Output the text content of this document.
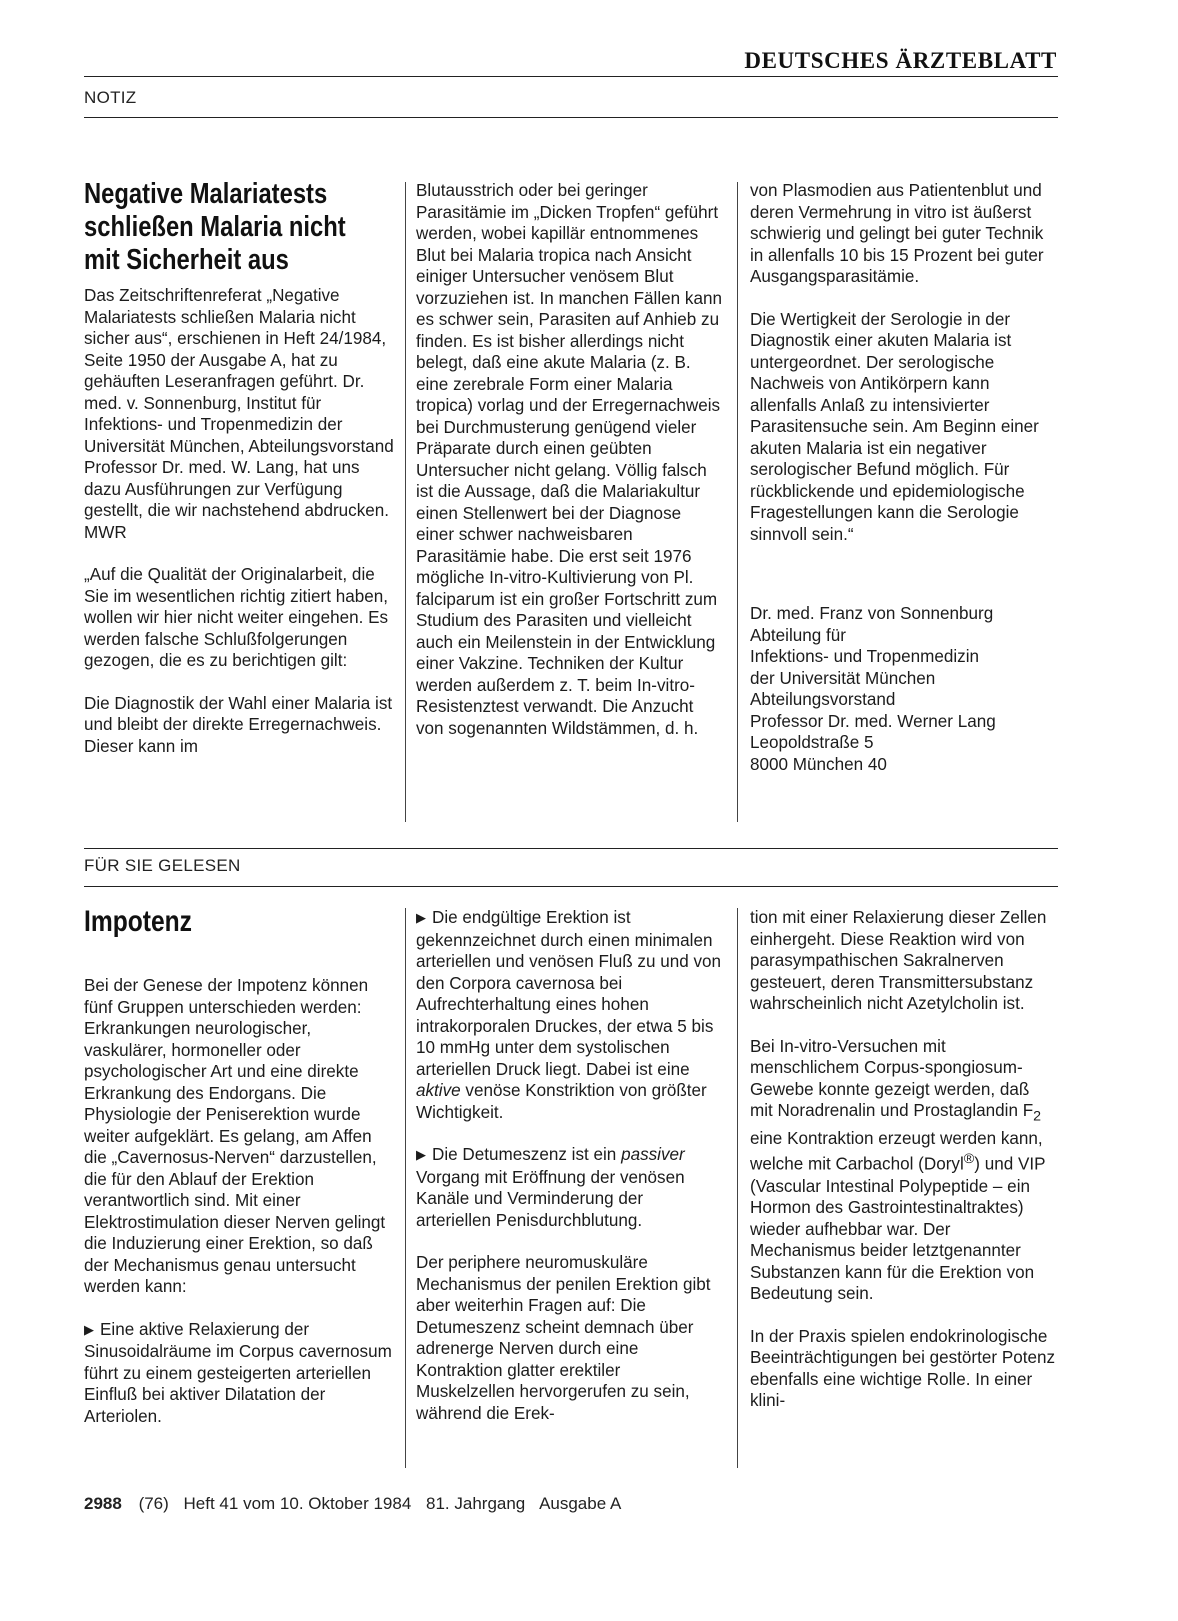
DEUTSCHES ÄRZTEBLATT
NOTIZ
Negative Malariatests schließen Malaria nicht mit Sicherheit aus

Das Zeitschriftenreferat „Negative Malariatests schließen Malaria nicht sicher aus“, erschienen in Heft 24/1984, Seite 1950 der Ausgabe A, hat zu gehäuften Leseranfragen geführt. Dr. med. v. Sonnenburg, Institut für Infektions- und Tropenmedizin der Universität München, Abteilungsvorstand Professor Dr. med. W. Lang, hat uns dazu Ausführungen zur Verfügung gestellt, die wir nachstehend abdrucken. MWR

„Auf die Qualität der Originalarbeit, die Sie im wesentlichen richtig zitiert haben, wollen wir hier nicht weiter eingehen. Es werden falsche Schlußfolgerungen gezogen, die es zu berichtigen gilt:

Die Diagnostik der Wahl einer Malaria ist und bleibt der direkte Erregernachweis. Dieser kann im

Blutausstrich oder bei geringer Parasitämie im „Dicken Tropfen“ geführt werden, wobei kapillär entnommenes Blut bei Malaria tropica nach Ansicht einiger Untersucher venösem Blut vorzuziehen ist. In manchen Fällen kann es schwer sein, Parasiten auf Anhieb zu finden. Es ist bisher allerdings nicht belegt, daß eine akute Malaria (z. B. eine zerebrale Form einer Malaria tropica) vorlag und der Erregernachweis bei Durchmusterung genügend vieler Präparate durch einen geübten Untersucher nicht gelang. Völlig falsch ist die Aussage, daß die Malariakultur einen Stellenwert bei der Diagnose einer schwer nachweisbaren Parasitämie habe. Die erst seit 1976 mögliche In-vitro-Kultivierung von Pl. falciparum ist ein großer Fortschritt zum Studium des Parasiten und vielleicht auch ein Meilenstein in der Entwicklung einer Vakzine. Techniken der Kultur werden außerdem z. T. beim In-vitro-Resistenztest verwandt. Die Anzucht von sogenannten Wildstämmen, d. h.

von Plasmodien aus Patientenblut und deren Vermehrung in vitro ist äußerst schwierig und gelingt bei guter Technik in allenfalls 10 bis 15 Prozent bei guter Ausgangsparasitämie.

Die Wertigkeit der Serologie in der Diagnostik einer akuten Malaria ist untergeordnet. Der serologische Nachweis von Antikörpern kann allenfalls Anlaß zu intensivierter Parasitensuche sein. Am Beginn einer akuten Malaria ist ein negativer serologischer Befund möglich. Für rückblickende und epidemiologische Fragestellungen kann die Serologie sinnvoll sein.“

Dr. med. Franz von Sonnenburg

Abteilung für

Infektions- und Tropenmedizin

der Universität München

Abteilungsvorstand

Professor Dr. med. Werner Lang

Leopoldstraße 5

8000 München 40

FÜR SIE GELESEN
Impotenz

Bei der Genese der Impotenz können fünf Gruppen unterschieden werden: Erkrankungen neurologischer, vaskulärer, hormoneller oder psychologischer Art und eine direkte Erkrankung des Endorgans. Die Physiologie der Peniserektion wurde weiter aufgeklärt. Es gelang, am Affen die „Cavernosus-Nerven“ darzustellen, die für den Ablauf der Erektion verantwortlich sind. Mit einer Elektrostimulation dieser Nerven gelingt die Induzierung einer Erektion, so daß der Mechanismus genau untersucht werden kann:

▶ Eine aktive Relaxierung der Sinusoidalräume im Corpus cavernosum führt zu einem gesteigerten arteriellen Einfluß bei aktiver Dilatation der Arteriolen.

▶ Die endgültige Erektion ist gekennzeichnet durch einen minimalen arteriellen und venösen Fluß zu und von den Corpora cavernosa bei Aufrechterhaltung eines hohen intrakorporalen Druckes, der etwa 5 bis 10 mmHg unter dem systolischen arteriellen Druck liegt. Dabei ist eine aktive venöse Konstriktion von größter Wichtigkeit.

▶ Die Detumeszenz ist ein passiver Vorgang mit Eröffnung der venösen Kanäle und Verminderung der arteriellen Penisdurchblutung.

Der periphere neuromuskuläre Mechanismus der penilen Erektion gibt aber weiterhin Fragen auf: Die Detumeszenz scheint demnach über adrenerge Nerven durch eine Kontraktion glatter erektiler Muskelzellen hervorgerufen zu sein, während die Erek-

tion mit einer Relaxierung dieser Zellen einhergeht. Diese Reaktion wird von parasympathischen Sakralnerven gesteuert, deren Transmittersubstanz wahrscheinlich nicht Azetylcholin ist.

Bei In-vitro-Versuchen mit menschlichem Corpus-spongiosum-Gewebe konnte gezeigt werden, daß mit Noradrenalin und Prostaglandin $F_2$ eine Kontraktion erzeugt werden kann, welche mit Carbachol (Doryl®) und VIP (Vascular Intestinal Polypeptide – ein Hormon des Gastrointestinaltraktes) wieder aufhebbar war. Der Mechanismus beider letztgenannter Substanzen kann für die Erektion von Bedeutung sein.

In der Praxis spielen endokrinologische Beeinträchtigungen bei gestörter Potenz ebenfalls eine wichtige Rolle. In einer klini-

2988 (76) Heft 41 vom 10. Oktober 1984 81. Jahrgang Ausgabe A
